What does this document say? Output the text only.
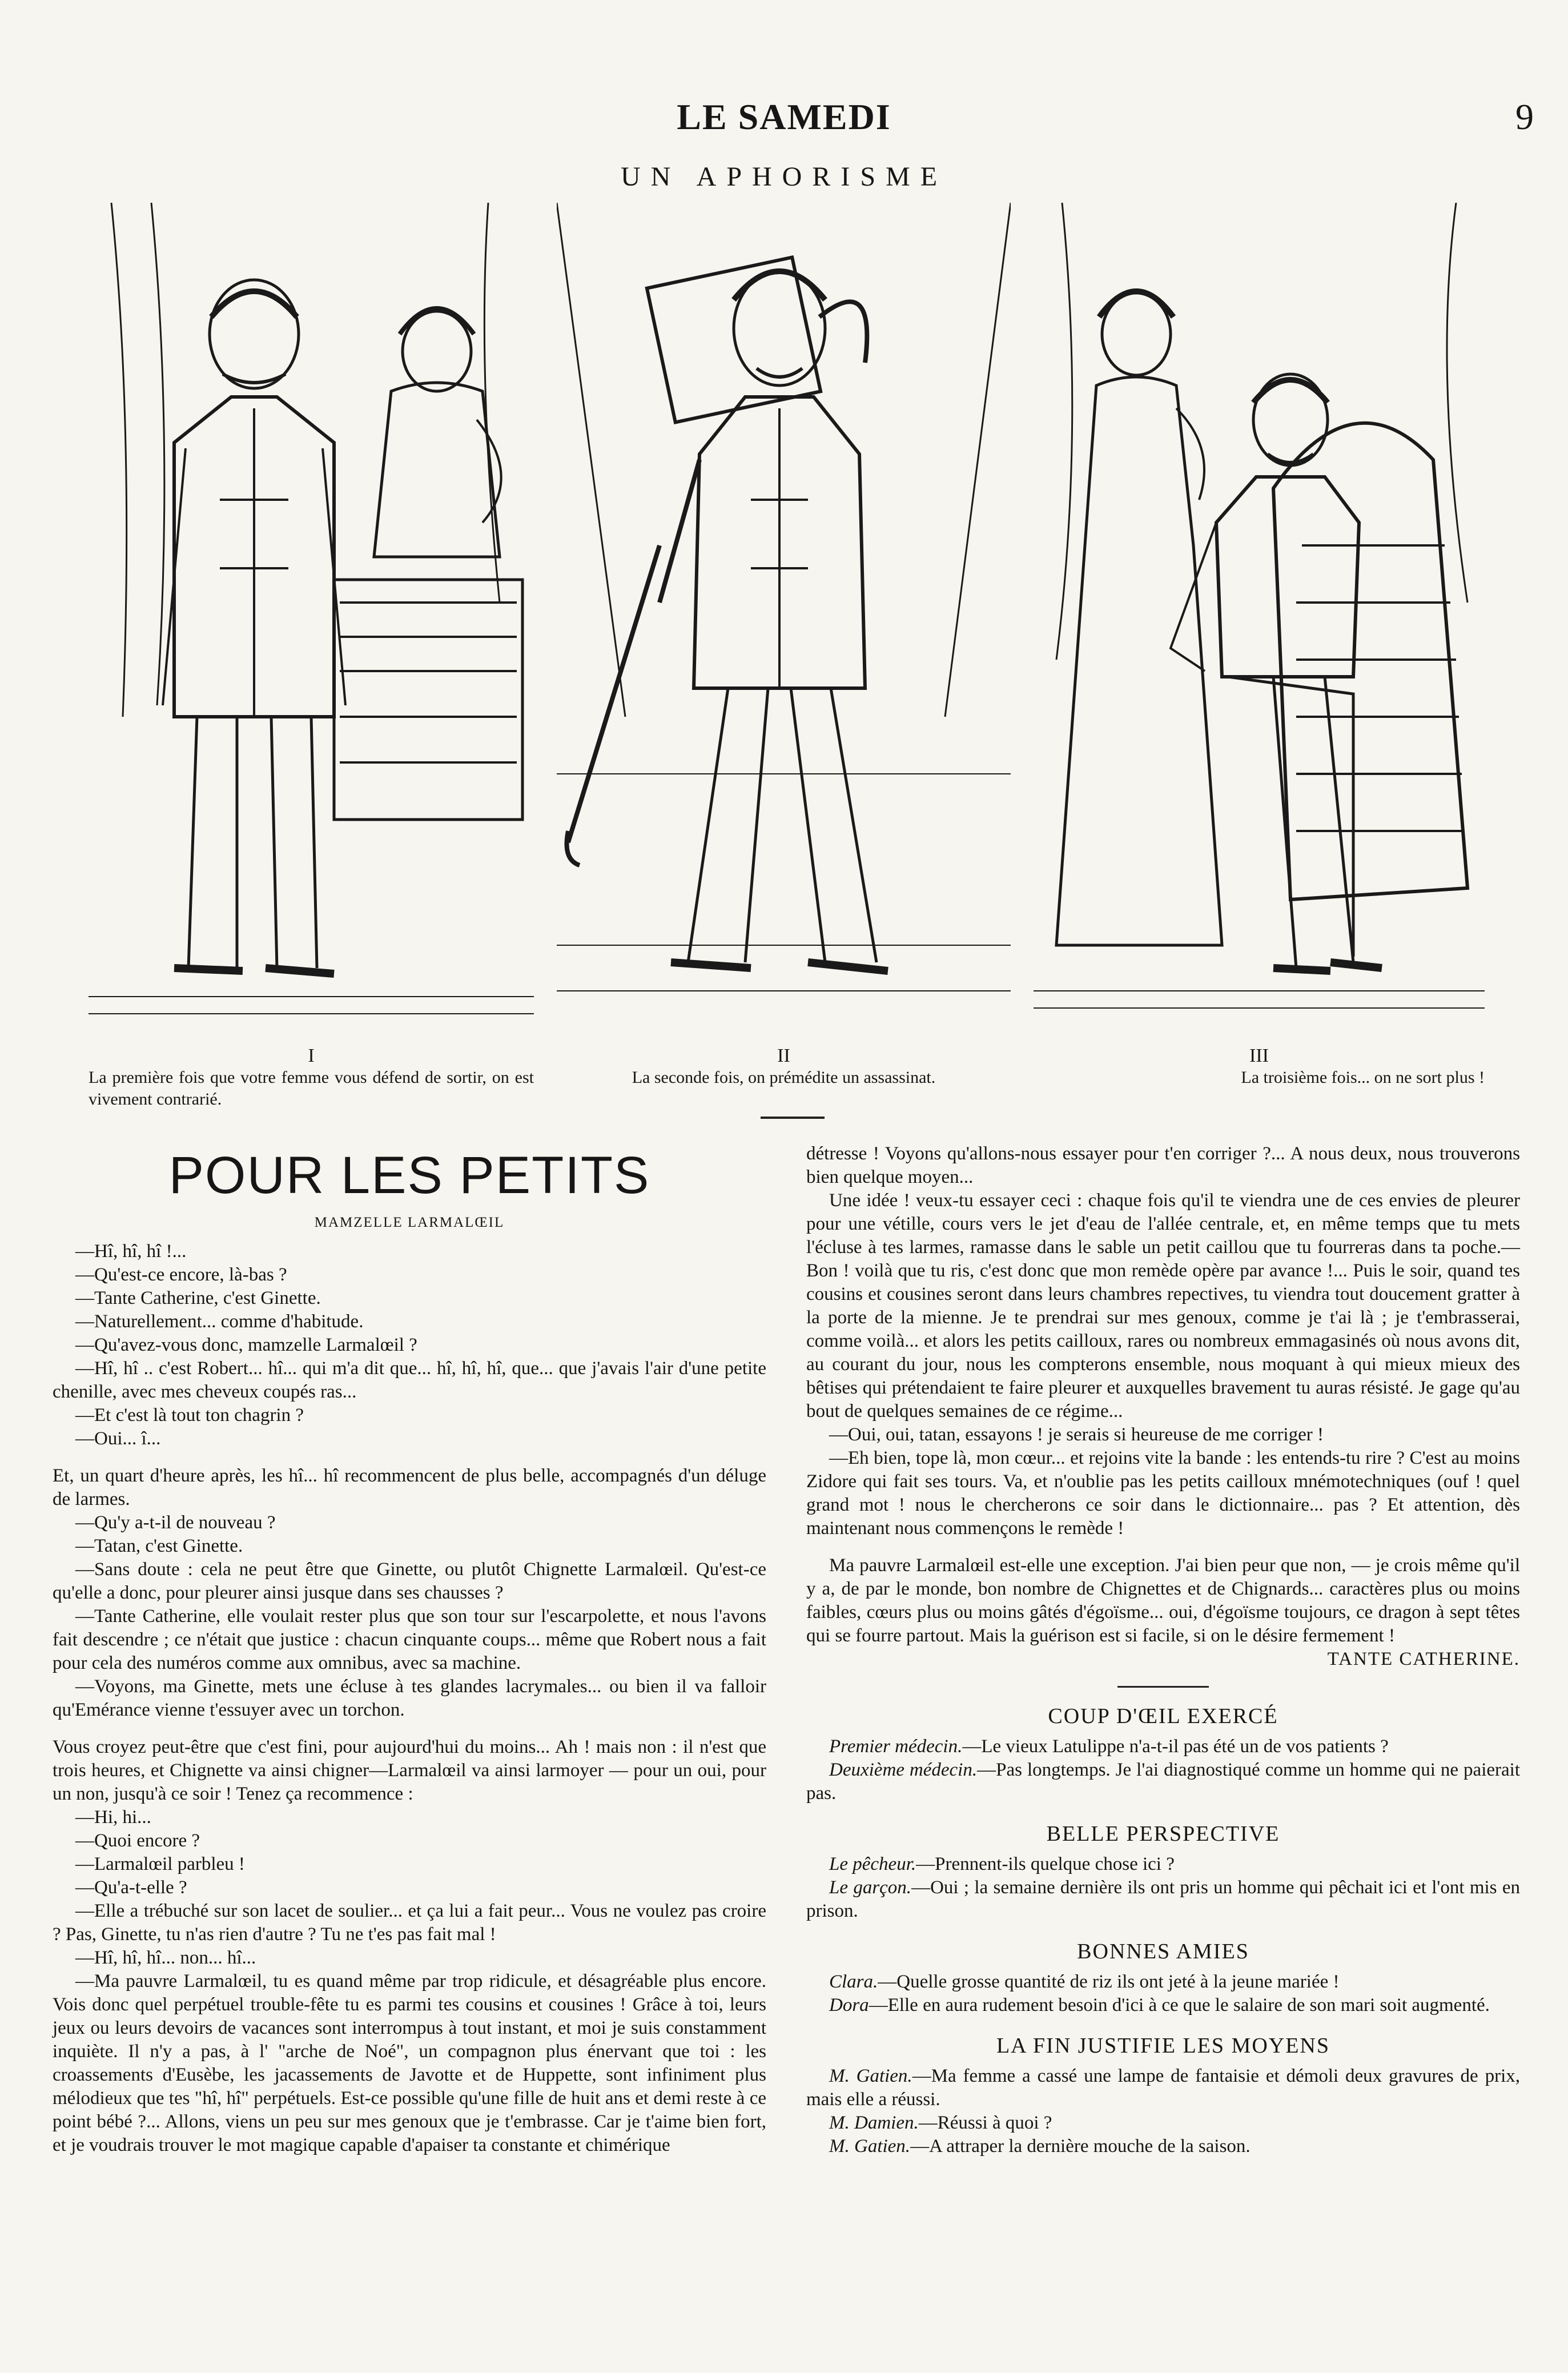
LE SAMEDI	9
UN APHORISME
I
La première fois que votre femme vous défend de sortir, on est vivement contrarié.
II
La seconde fois, on prémédite un assassinat.
III
La troisième fois... on ne sort plus !
POUR LES PETITS
MAMZELLE LARMALŒIL

—Hî, hî, hî !...

—Qu'est-ce encore, là-bas ?

—Tante Catherine, c'est Ginette.

—Naturellement... comme d'habitude.

—Qu'avez-vous donc, mamzelle Larmalœil ?

—Hî, hî .. c'est Robert... hî... qui m'a dit que... hî, hî, hî, que... que j'avais l'air d'une petite chenille, avec mes cheveux coupés ras...

—Et c'est là tout ton chagrin ?

—Oui... î...

Et, un quart d'heure après, les hî... hî recommencent de plus belle, accompagnés d'un déluge de larmes.

—Qu'y a-t-il de nouveau ?

—Tatan, c'est Ginette.

—Sans doute : cela ne peut être que Ginette, ou plutôt Chignette Larmalœil. Qu'est-ce qu'elle a donc, pour pleurer ainsi jusque dans ses chausses ?

—Tante Catherine, elle voulait rester plus que son tour sur l'escarpolette, et nous l'avons fait descendre ; ce n'était que justice : chacun cinquante coups... même que Robert nous a fait pour cela des numéros comme aux omnibus, avec sa machine.

—Voyons, ma Ginette, mets une écluse à tes glandes lacrymales... ou bien il va falloir qu'Emérance vienne t'essuyer avec un torchon.

Vous croyez peut-être que c'est fini, pour aujourd'hui du moins... Ah ! mais non : il n'est que trois heures, et Chignette va ainsi chigner—Larmalœil va ainsi larmoyer — pour un oui, pour un non, jusqu'à ce soir ! Tenez ça recommence :

—Hi, hi...

—Quoi encore ?

—Larmalœil parbleu !

—Qu'a-t-elle ?

—Elle a trébuché sur son lacet de soulier... et ça lui a fait peur... Vous ne voulez pas croire ? Pas, Ginette, tu n'as rien d'autre ? Tu ne t'es pas fait mal !

—Hî, hî, hî... non... hî...

—Ma pauvre Larmalœil, tu es quand même par trop ridicule, et désagréable plus encore. Vois donc quel perpétuel trouble-fête tu es parmi tes cousins et cousines ! Grâce à toi, leurs jeux ou leurs devoirs de vacances sont interrompus à tout instant, et moi je suis constamment inquiète. Il n'y a pas, à l' "arche de Noé", un compagnon plus énervant que toi : les croassements d'Eusèbe, les jacassements de Javotte et de Huppette, sont infiniment plus mélodieux que tes "hî, hî" perpétuels. Est-ce possible qu'une fille de huit ans et demi reste à ce point bébé ?... Allons, viens un peu sur mes genoux que je t'embrasse. Car je t'aime bien fort, et je voudrais trouver le mot magique capable d'apaiser ta constante et chimérique

détresse ! Voyons qu'allons-nous essayer pour t'en corriger ?... A nous deux, nous trouverons bien quelque moyen...

Une idée ! veux-tu essayer ceci : chaque fois qu'il te viendra une de ces envies de pleurer pour une vétille, cours vers le jet d'eau de l'allée centrale, et, en même temps que tu mets l'écluse à tes larmes, ramasse dans le sable un petit caillou que tu fourreras dans ta poche.—Bon ! voilà que tu ris, c'est donc que mon remède opère par avance !... Puis le soir, quand tes cousins et cousines seront dans leurs chambres repectives, tu viendra tout doucement gratter à la porte de la mienne. Je te prendrai sur mes genoux, comme je t'ai là ; je t'embrasserai, comme voilà... et alors les petits cailloux, rares ou nombreux emmagasinés où nous avons dit, au courant du jour, nous les compterons ensemble, nous moquant à qui mieux mieux des bêtises qui prétendaient te faire pleurer et auxquelles bravement tu auras résisté. Je gage qu'au bout de quelques semaines de ce régime...

—Oui, oui, tatan, essayons ! je serais si heureuse de me corriger !

—Eh bien, tope là, mon cœur... et rejoins vite la bande : les entends-tu rire ? C'est au moins Zidore qui fait ses tours. Va, et n'oublie pas les petits cailloux mnémotechniques (ouf ! quel grand mot ! nous le chercherons ce soir dans le dictionnaire... pas ? Et attention, dès maintenant nous commençons le remède !

Ma pauvre Larmalœil est-elle une exception. J'ai bien peur que non, — je crois même qu'il y a, de par le monde, bon nombre de Chignettes et de Chignards... caractères plus ou moins faibles, cœurs plus ou moins gâtés d'égoïsme... oui, d'égoïsme toujours, ce dragon à sept têtes qui se fourre partout. Mais la guérison est si facile, si on le désire fermement !

TANTE CATHERINE.

COUP D'ŒIL EXERCÉ

Premier médecin.—Le vieux Latulippe n'a-t-il pas été un de vos patients ?

Deuxième médecin.—Pas longtemps. Je l'ai diagnostiqué comme un homme qui ne paierait pas.

BELLE PERSPECTIVE

Le pêcheur.—Prennent-ils quelque chose ici ?

Le garçon.—Oui ; la semaine dernière ils ont pris un homme qui pêchait ici et l'ont mis en prison.

BONNES AMIES

Clara.—Quelle grosse quantité de riz ils ont jeté à la jeune mariée !

Dora—Elle en aura rudement besoin d'ici à ce que le salaire de son mari soit augmenté.

LA FIN JUSTIFIE LES MOYENS

M. Gatien.—Ma femme a cassé une lampe de fantaisie et démoli deux gravures de prix, mais elle a réussi.

M. Damien.—Réussi à quoi ?

M. Gatien.—A attraper la dernière mouche de la saison.
